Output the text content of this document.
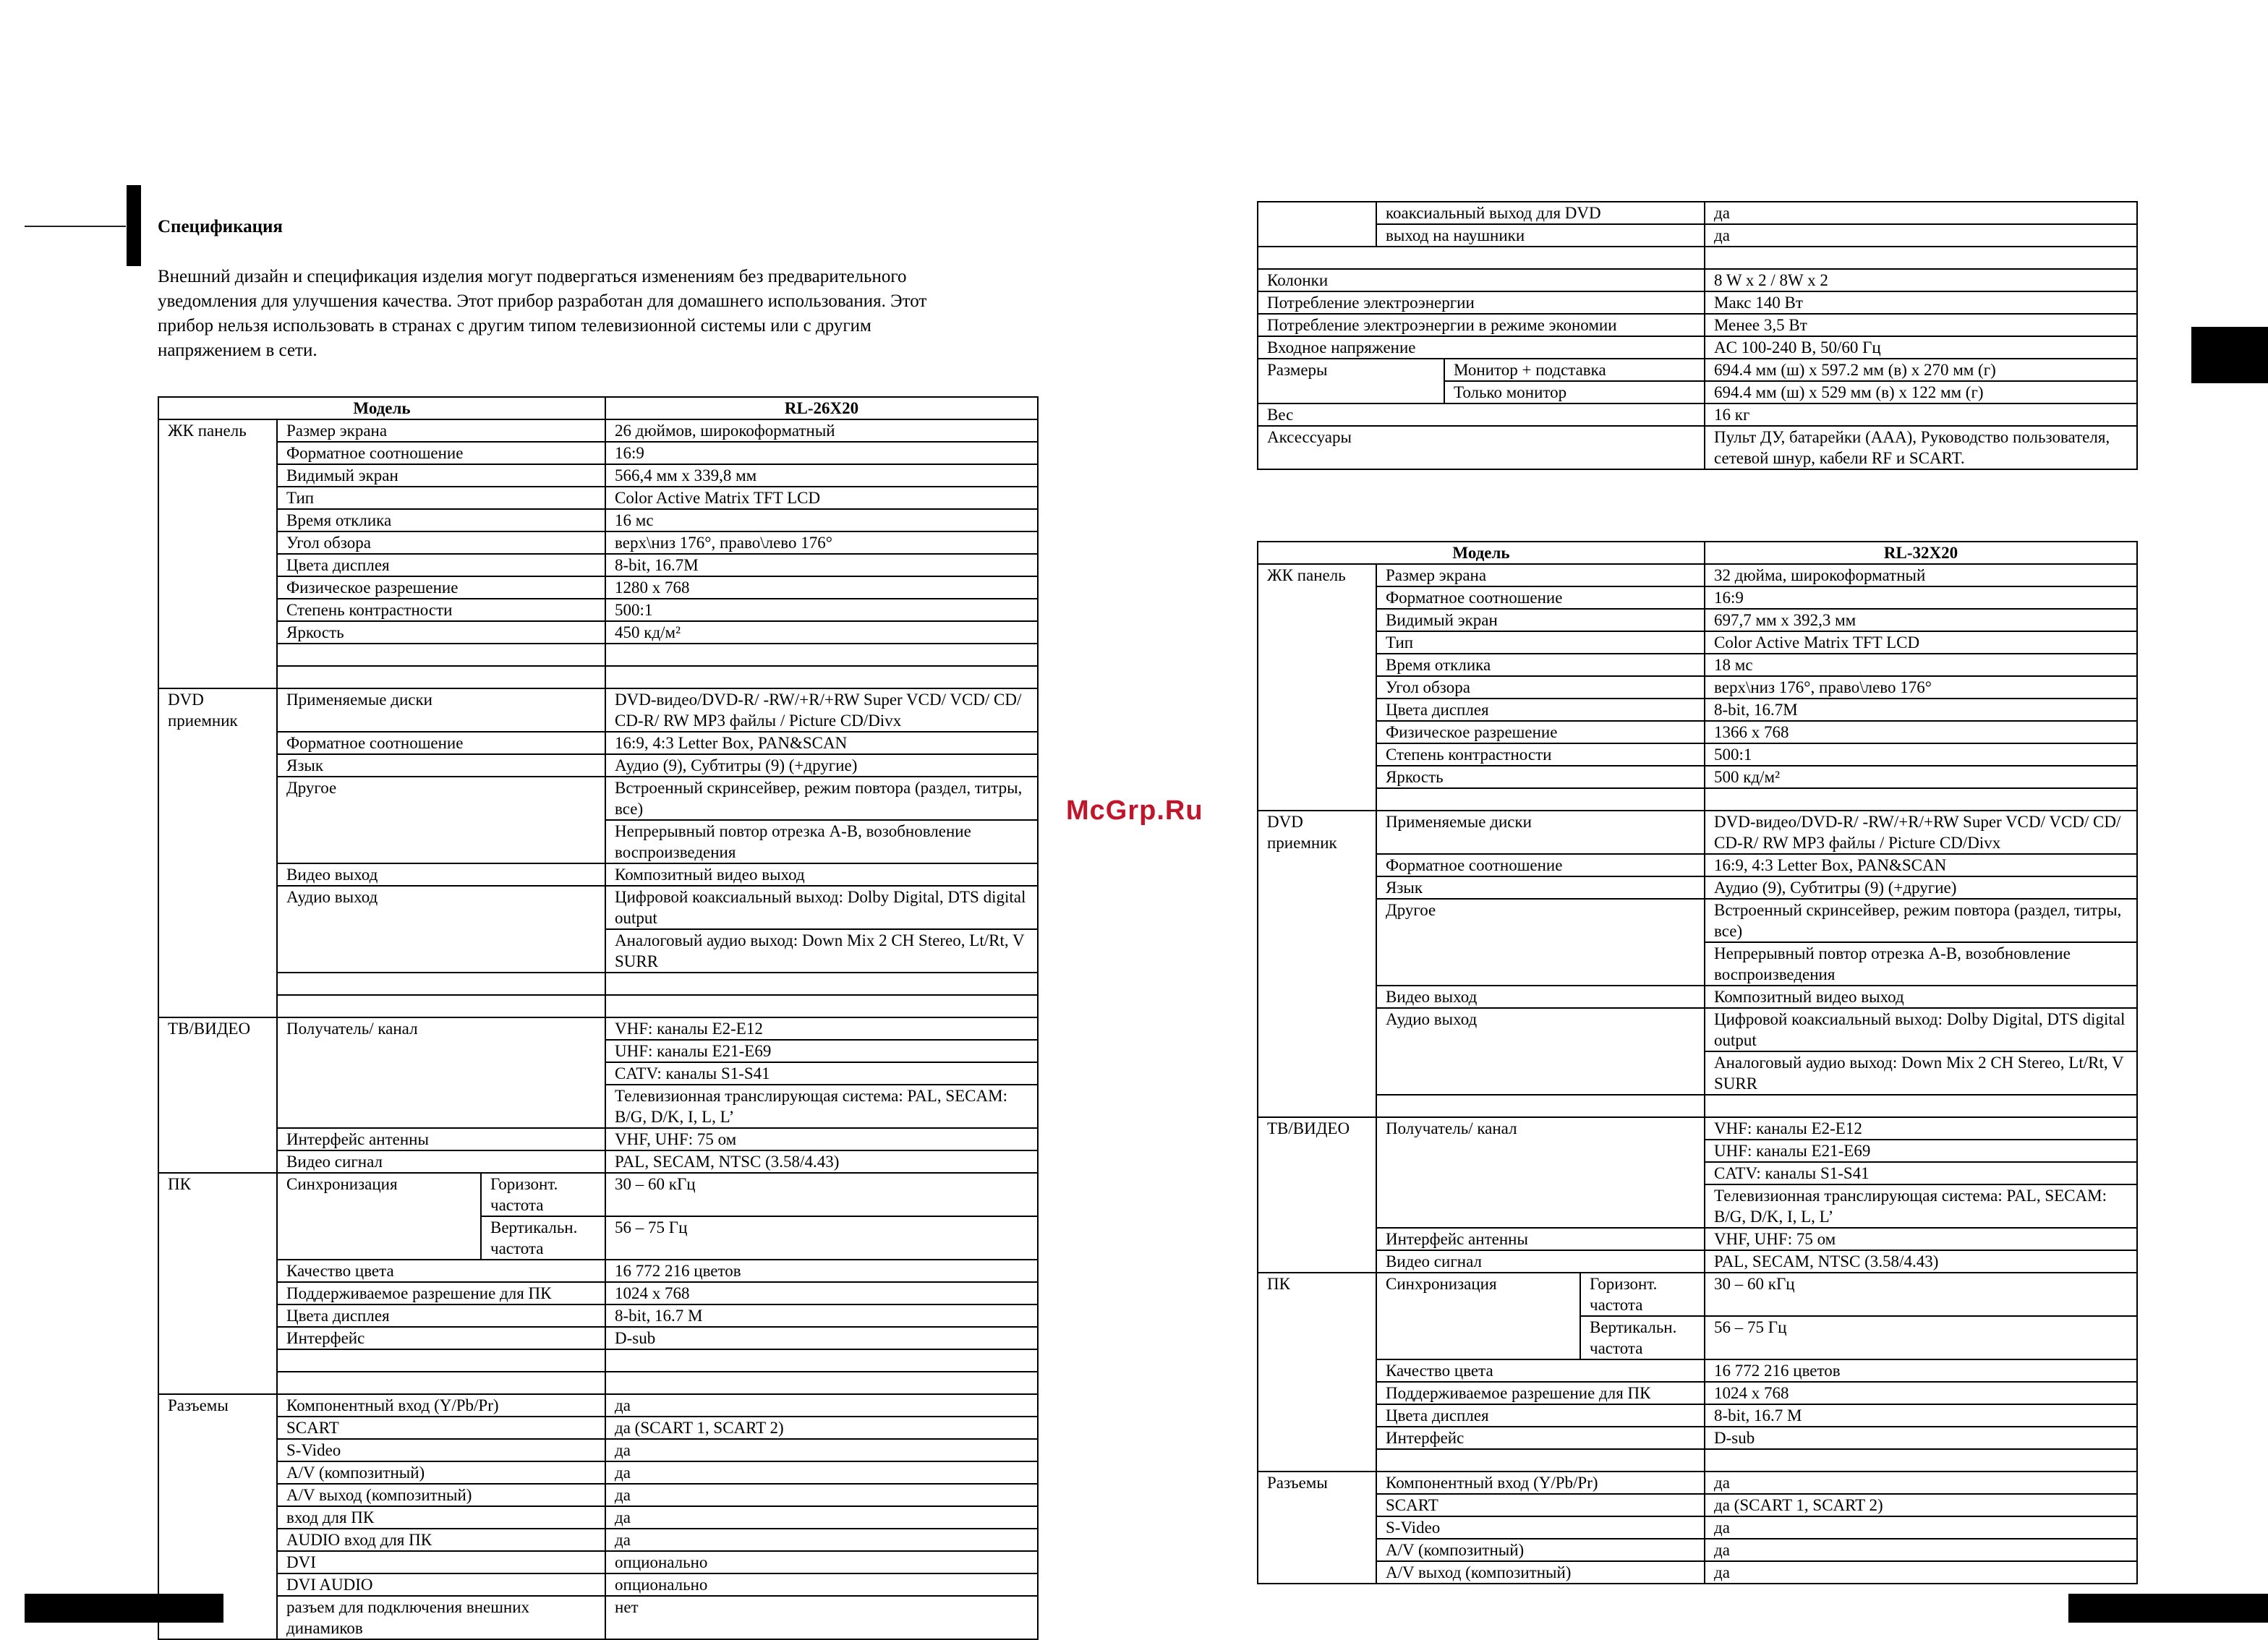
Спецификация
Внешний дизайн и спецификация изделия могут подвергаться изменениям без предварительного уведомления для улучшения качества. Этот прибор разработан для домашнего использования. Этот прибор нельзя использовать в странах с другим типом телевизионной системы или с другим напряжением в сети.
McGrp.Ru
Модель			RL-26X20
ЖК панель	Размер экрана		26 дюймов, широкоформатный
	Форматное соотношение		16:9
	Видимый экран		566,4 мм x 339,8 мм
	Тип		Color Active Matrix TFT LCD
	Время отклика		16 мс
	Угол обзора		верх\низ 176°, право\лево 176°
	Цвета дисплея		8-bit, 16.7M
	Физическое разрешение		1280 x 768
	Степень контрастности		500:1
	Яркость		450 кд/м²

DVD приемник	Применяемые диски		DVD-видео/DVD-R/ -RW/+R/+RW Super VCD/ VCD/ CD/ CD-R/ RW MP3 файлы / Picture CD/Divx
	Форматное соотношение		16:9, 4:3 Letter Box, PAN&SCAN
	Язык		Аудио (9), Субтитры (9) (+другие)
	Другое		Встроенный скринсейвер, режим повтора (раздел, титры, все)
			Непрерывный повтор отрезка А-В, возобновление воспроизведения
	Видео выход		Композитный видео выход
	Аудио выход		Цифровой коаксиальный выход: Dolby Digital, DTS digital output
			Аналоговый аудио выход: Down Mix 2 CH Stereo, Lt/Rt, V SURR

ТВ/ВИДЕО	Получатель/ канал		VHF: каналы E2-E12
			UHF: каналы E21-E69
			CATV: каналы S1-S41
			Телевизионная транслирующая система: PAL, SECAM: B/G, D/K, I, L, L’
	Интерфейс антенны		VHF, UHF: 75 ом
	Видео сигнал		PAL, SECAM, NTSC (3.58/4.43)
ПК	Синхронизация	Горизонт. частота	30 – 60 кГц
		Вертикальн. частота	56 – 75 Гц
	Качество цвета		16 772 216 цветов
	Поддерживаемое разрешение для ПК		1024 x 768
	Цвета дисплея		8-bit, 16.7 M
	Интерфейс		D-sub

Разъемы	Компонентный вход (Y/Pb/Pr)		да
	SCART		да (SCART 1, SCART 2)
	S-Video		да
	A/V (композитный)		да
	A/V выход (композитный)		да
	вход для ПК		да
	AUDIO вход для ПК		да
	DVI		опционально
	DVI AUDIO		опционально
	разъем для подключения внешних динамиков		нет
	коаксиальный выход для DVD		да
	выход на наушники		да

Колонки			8 W x 2 / 8W x 2
Потребление электроэнергии			Макс 140 Вт
Потребление электроэнергии в режиме экономии			Менее 3,5 Вт
Входное напряжение			AC 100-240 В, 50/60 Гц
Размеры		Монитор + подставка	694.4 мм (ш) x 597.2 мм (в) x 270 мм (г)
		Только монитор	694.4 мм (ш) x 529 мм (в) x 122 мм (г)
Вес			16 кг
Аксессуары			Пульт ДУ, батарейки (ААА), Руководство пользователя, сетевой шнур, кабели RF и SCART.
Модель			RL-32X20
ЖК панель	Размер экрана		32 дюйма, широкоформатный
	Форматное соотношение		16:9
	Видимый экран		697,7 мм x 392,3 мм
	Тип		Color Active Matrix TFT LCD
	Время отклика		18 мс
	Угол обзора		верх\низ 176°, право\лево 176°
	Цвета дисплея		8-bit, 16.7M
	Физическое разрешение		1366 x 768
	Степень контрастности		500:1
	Яркость		500 кд/м²

DVD приемник	Применяемые диски		DVD-видео/DVD-R/ -RW/+R/+RW Super VCD/ VCD/ CD/ CD-R/ RW MP3 файлы / Picture CD/Divx
	Форматное соотношение		16:9, 4:3 Letter Box, PAN&SCAN
	Язык		Аудио (9), Субтитры (9) (+другие)
	Другое		Встроенный скринсейвер, режим повтора (раздел, титры, все)
			Непрерывный повтор отрезка А-В, возобновление воспроизведения
	Видео выход		Композитный видео выход
	Аудио выход		Цифровой коаксиальный выход: Dolby Digital, DTS digital output
			Аналоговый аудио выход: Down Mix 2 CH Stereo, Lt/Rt, V SURR

ТВ/ВИДЕО	Получатель/ канал		VHF: каналы E2-E12
			UHF: каналы E21-E69
			CATV: каналы S1-S41
			Телевизионная транслирующая система: PAL, SECAM: B/G, D/K, I, L, L’
	Интерфейс антенны		VHF, UHF: 75 ом
	Видео сигнал		PAL, SECAM, NTSC (3.58/4.43)
ПК	Синхронизация	Горизонт. частота	30 – 60 кГц
		Вертикальн. частота	56 – 75 Гц
	Качество цвета		16 772 216 цветов
	Поддерживаемое разрешение для ПК		1024 x 768
	Цвета дисплея		8-bit, 16.7 M
	Интерфейс		D-sub

Разъемы	Компонентный вход (Y/Pb/Pr)		да
	SCART		да (SCART 1, SCART 2)
	S-Video		да
	A/V (композитный)		да
	A/V выход (композитный)		да
